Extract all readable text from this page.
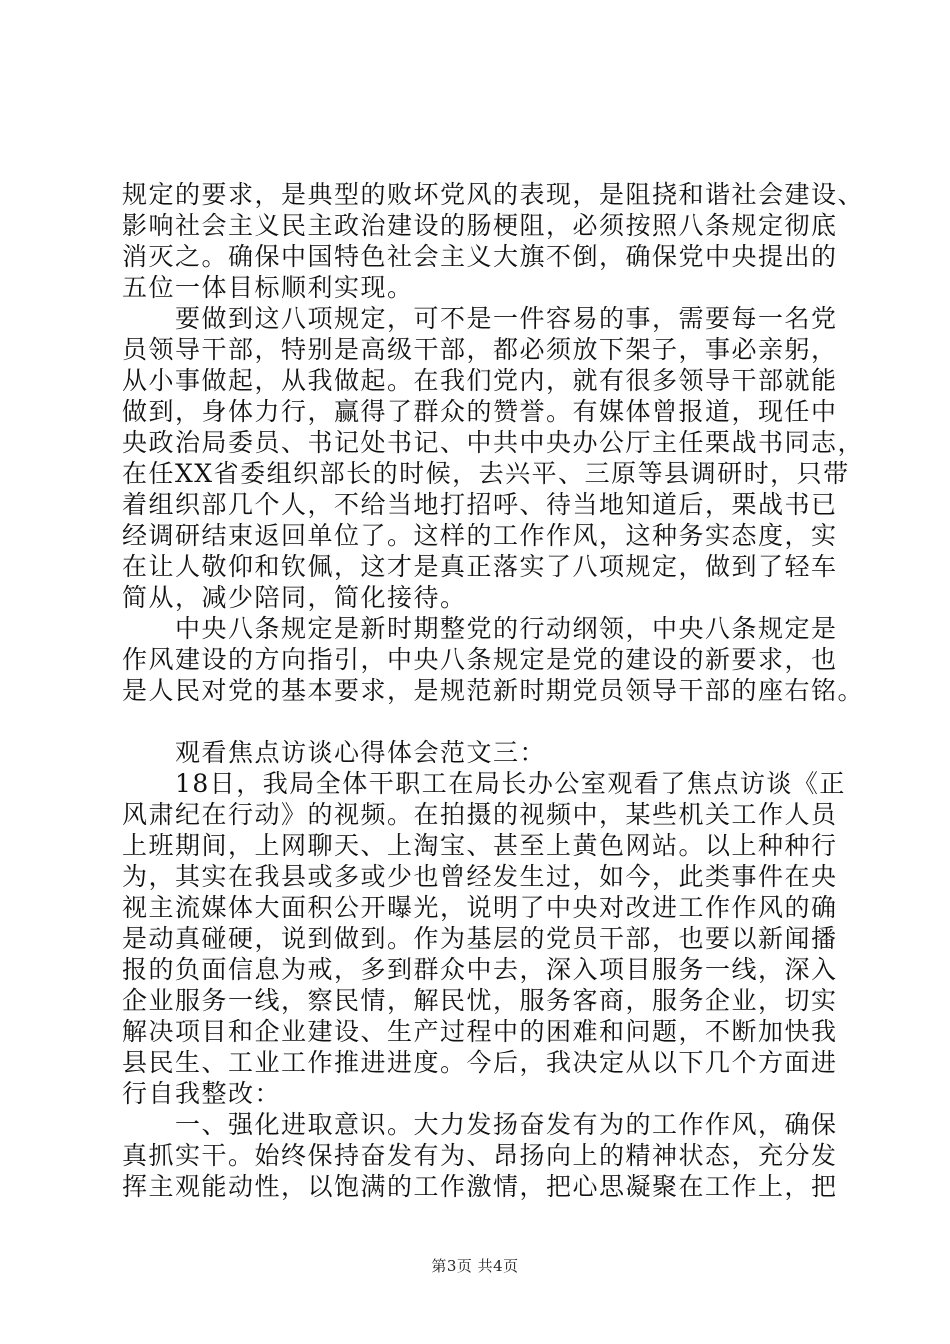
规定的要求，是典型的败坏党风的表现，是阻挠和谐社会建设、
影响社会主义民主政治建设的肠梗阻，必须按照八条规定彻底
消灭之。确保中国特色社会主义大旗不倒，确保党中央提出的
五位一体目标顺利实现。
　　要做到这八项规定，可不是一件容易的事，需要每一名党
员领导干部，特别是高级干部，都必须放下架子，事必亲躬，
从小事做起，从我做起。在我们党内，就有很多领导干部就能
做到，身体力行，赢得了群众的赞誉。有媒体曾报道，现任中
央政治局委员、书记处书记、中共中央办公厅主任栗战书同志，
在任XX省委组织部长的时候，去兴平、三原等县调研时，只带
着组织部几个人，不给当地打招呼、待当地知道后，栗战书已
经调研结束返回单位了。这样的工作作风，这种务实态度，实
在让人敬仰和钦佩，这才是真正落实了八项规定，做到了轻车
简从，减少陪同，简化接待。
　　中央八条规定是新时期整党的行动纲领，中央八条规定是
作风建设的方向指引，中央八条规定是党的建设的新要求，也
是人民对党的基本要求，是规范新时期党员领导干部的座右铭。
　　观看焦点访谈心得体会范文三：
　　18日，我局全体干职工在局长办公室观看了焦点访谈《正
风肃纪在行动》的视频。在拍摄的视频中，某些机关工作人员
上班期间，上网聊天、上淘宝、甚至上黄色网站。以上种种行
为，其实在我县或多或少也曾经发生过，如今，此类事件在央
视主流媒体大面积公开曝光，说明了中央对改进工作作风的确
是动真碰硬，说到做到。作为基层的党员干部，也要以新闻播
报的负面信息为戒，多到群众中去，深入项目服务一线，深入
企业服务一线，察民情，解民忧，服务客商，服务企业，切实
解决项目和企业建设、生产过程中的困难和问题，不断加快我
县民生、工业工作推进进度。今后，我决定从以下几个方面进
行自我整改：
　　一、强化进取意识。大力发扬奋发有为的工作作风，确保
真抓实干。始终保持奋发有为、昂扬向上的精神状态，充分发
挥主观能动性，以饱满的工作激情，把心思凝聚在工作上，把
第3页 共4页
